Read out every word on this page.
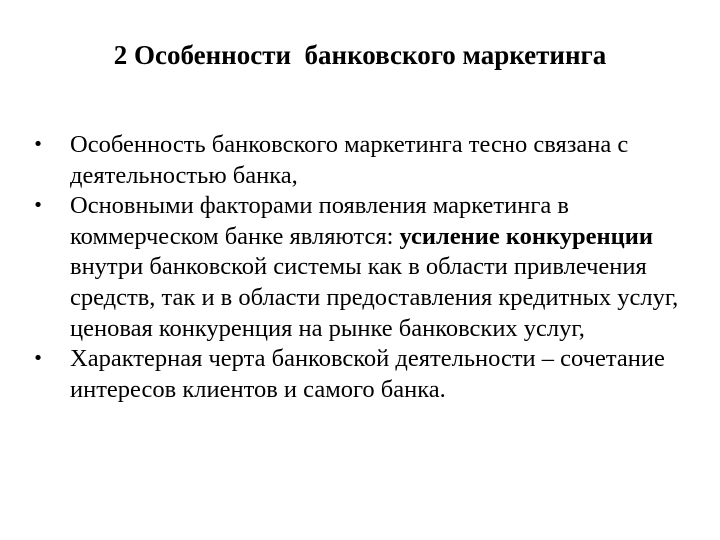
2 Особенности  банковского маркетинга
• Особенность банковского маркетинга тесно связана с деятельностью банка,
• Основными факторами появления маркетинга в коммерческом банке являются: усиление конкуренции внутри банковской системы как в области привлечения средств, так и в области предоставления кредитных услуг, ценовая конкуренция на рынке банковских услуг,
• Характерная черта банковской деятельности – сочетание интересов клиентов и самого банка.
